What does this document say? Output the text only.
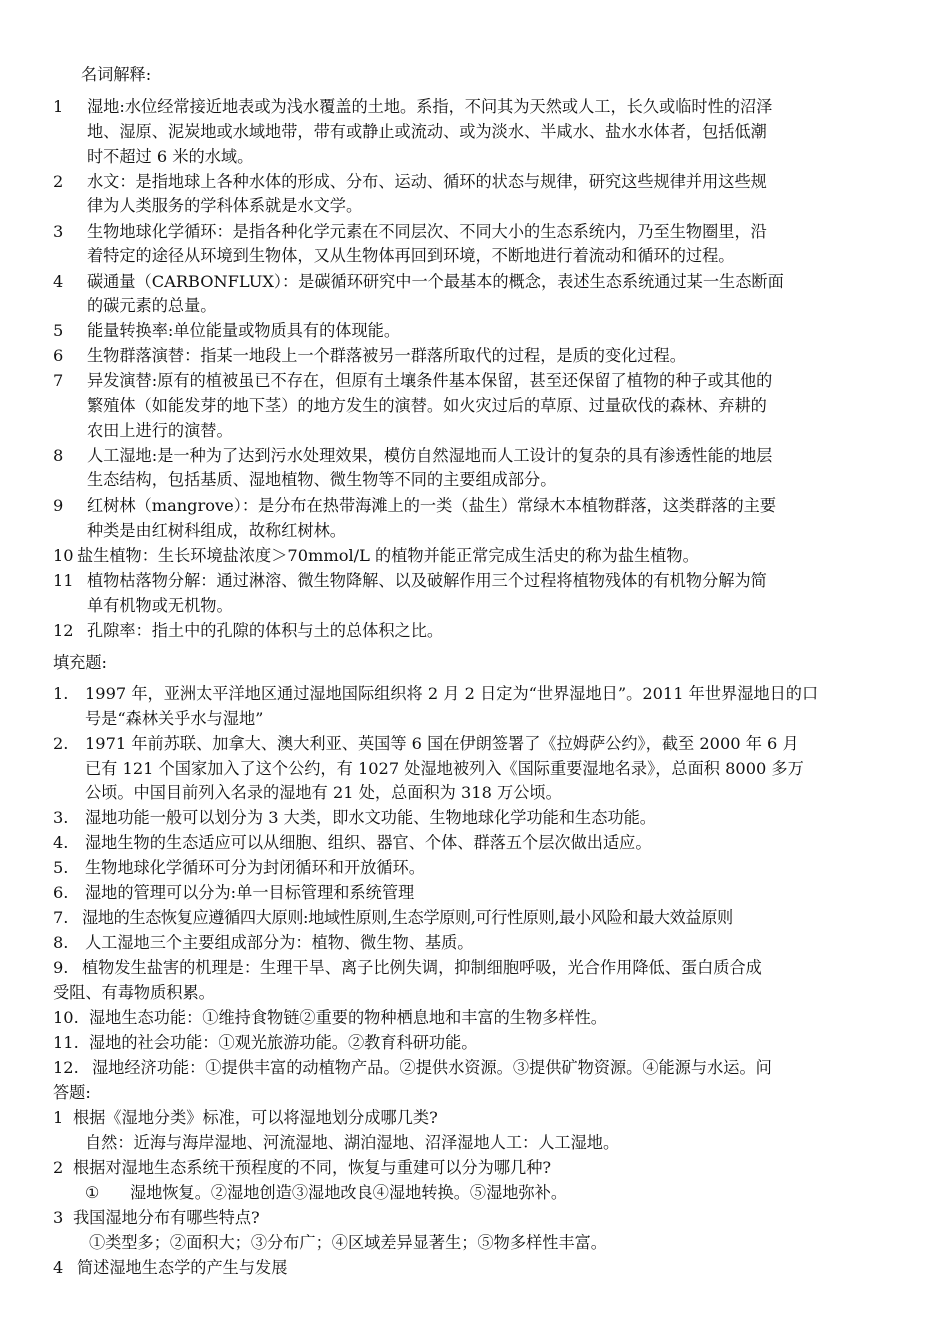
名词解释:
1 湿地:水位经常接近地表或为浅水覆盖的土地。系指，不问其为天然或人工，长久或临时性的沼泽
地、湿原、泥炭地或水域地带，带有或静止或流动、或为淡水、半咸水、盐水水体者，包括低潮
时不超过 6 米的水域。
2 水文：是指地球上各种水体的形成、分布、运动、循环的状态与规律，研究这些规律并用这些规
律为人类服务的学科体系就是水文学。
3 生物地球化学循环：是指各种化学元素在不同层次、不同大小的生态系统内，乃至生物圈里，沿
着特定的途径从环境到生物体，又从生物体再回到环境，不断地进行着流动和循环的过程。
4 碳通量（CARBONFLUX）：是碳循环研究中一个最基本的概念，表述生态系统通过某一生态断面
的碳元素的总量。
5 能量转换率:单位能量或物质具有的体现能。
6 生物群落演替：指某一地段上一个群落被另一群落所取代的过程，是质的变化过程。
7 异发演替:原有的植被虽已不存在，但原有土壤条件基本保留，甚至还保留了植物的种子或其他的
繁殖体（如能发芽的地下茎）的地方发生的演替。如火灾过后的草原、过量砍伐的森林、弃耕的
农田上进行的演替。
8 人工湿地:是一种为了达到污水处理效果，模仿自然湿地而人工设计的复杂的具有渗透性能的地层
生态结构，包括基质、湿地植物、微生物等不同的主要组成部分。
9 红树林（mangrove）：是分布在热带海滩上的一类（盐生）常绿木本植物群落，这类群落的主要
种类是由红树科组成，故称红树林。
10 盐生植物：生长环境盐浓度＞70mmol/L 的植物并能正常完成生活史的称为盐生植物。
11 植物枯落物分解：通过淋溶、微生物降解、以及破解作用三个过程将植物残体的有机物分解为简
单有机物或无机物。
12 孔隙率：指土中的孔隙的体积与土的总体积之比。
填充题:
1. 1997 年，亚洲太平洋地区通过湿地国际组织将 2 月 2 日定为“世界湿地日”。2011 年世界湿地日的口
号是“森林关乎水与湿地”
2. 1971 年前苏联、加拿大、澳大利亚、英国等 6 国在伊朗签署了《拉姆萨公约》，截至 2000 年 6 月
已有 121 个国家加入了这个公约，有 1027 处湿地被列入《国际重要湿地名录》，总面积 8000 多万
公顷。中国目前列入名录的湿地有 21 处，总面积为 318 万公顷。
3. 湿地功能一般可以划分为 3 大类，即水文功能、生物地球化学功能和生态功能。
4. 湿地生物的生态适应可以从细胞、组织、器官、个体、群落五个层次做出适应。
5. 生物地球化学循环可分为封闭循环和开放循环。
6. 湿地的管理可以分为:单一目标管理和系统管理
7. 湿地的生态恢复应遵循四大原则:地域性原则,生态学原则,可行性原则,最小风险和最大效益原则
8. 人工湿地三个主要组成部分为：植物、微生物、基质。
9. 植物发生盐害的机理是：生理干旱、离子比例失调，抑制细胞呼吸，光合作用降低、蛋白质合成
受阻、有毒物质积累。
10. 湿地生态功能：①维持食物链②重要的物种栖息地和丰富的生物多样性。
11. 湿地的社会功能：①观光旅游功能。②教育科研功能。
12. 湿地经济功能：①提供丰富的动植物产品。②提供水资源。③提供矿物资源。④能源与水运。问
答题:
1 根据《湿地分类》标准，可以将湿地划分成哪几类?
自然：近海与海岸湿地、河流湿地、湖泊湿地、沼泽湿地人工：人工湿地。
2 根据对湿地生态系统干预程度的不同，恢复与重建可以分为哪几种?
① 湿地恢复。②湿地创造③湿地改良④湿地转换。⑤湿地弥补。
3 我国湿地分布有哪些特点?
①类型多；②面积大；③分布广；④区域差异显著生；⑤物多样性丰富。
4 简述湿地生态学的产生与发展
